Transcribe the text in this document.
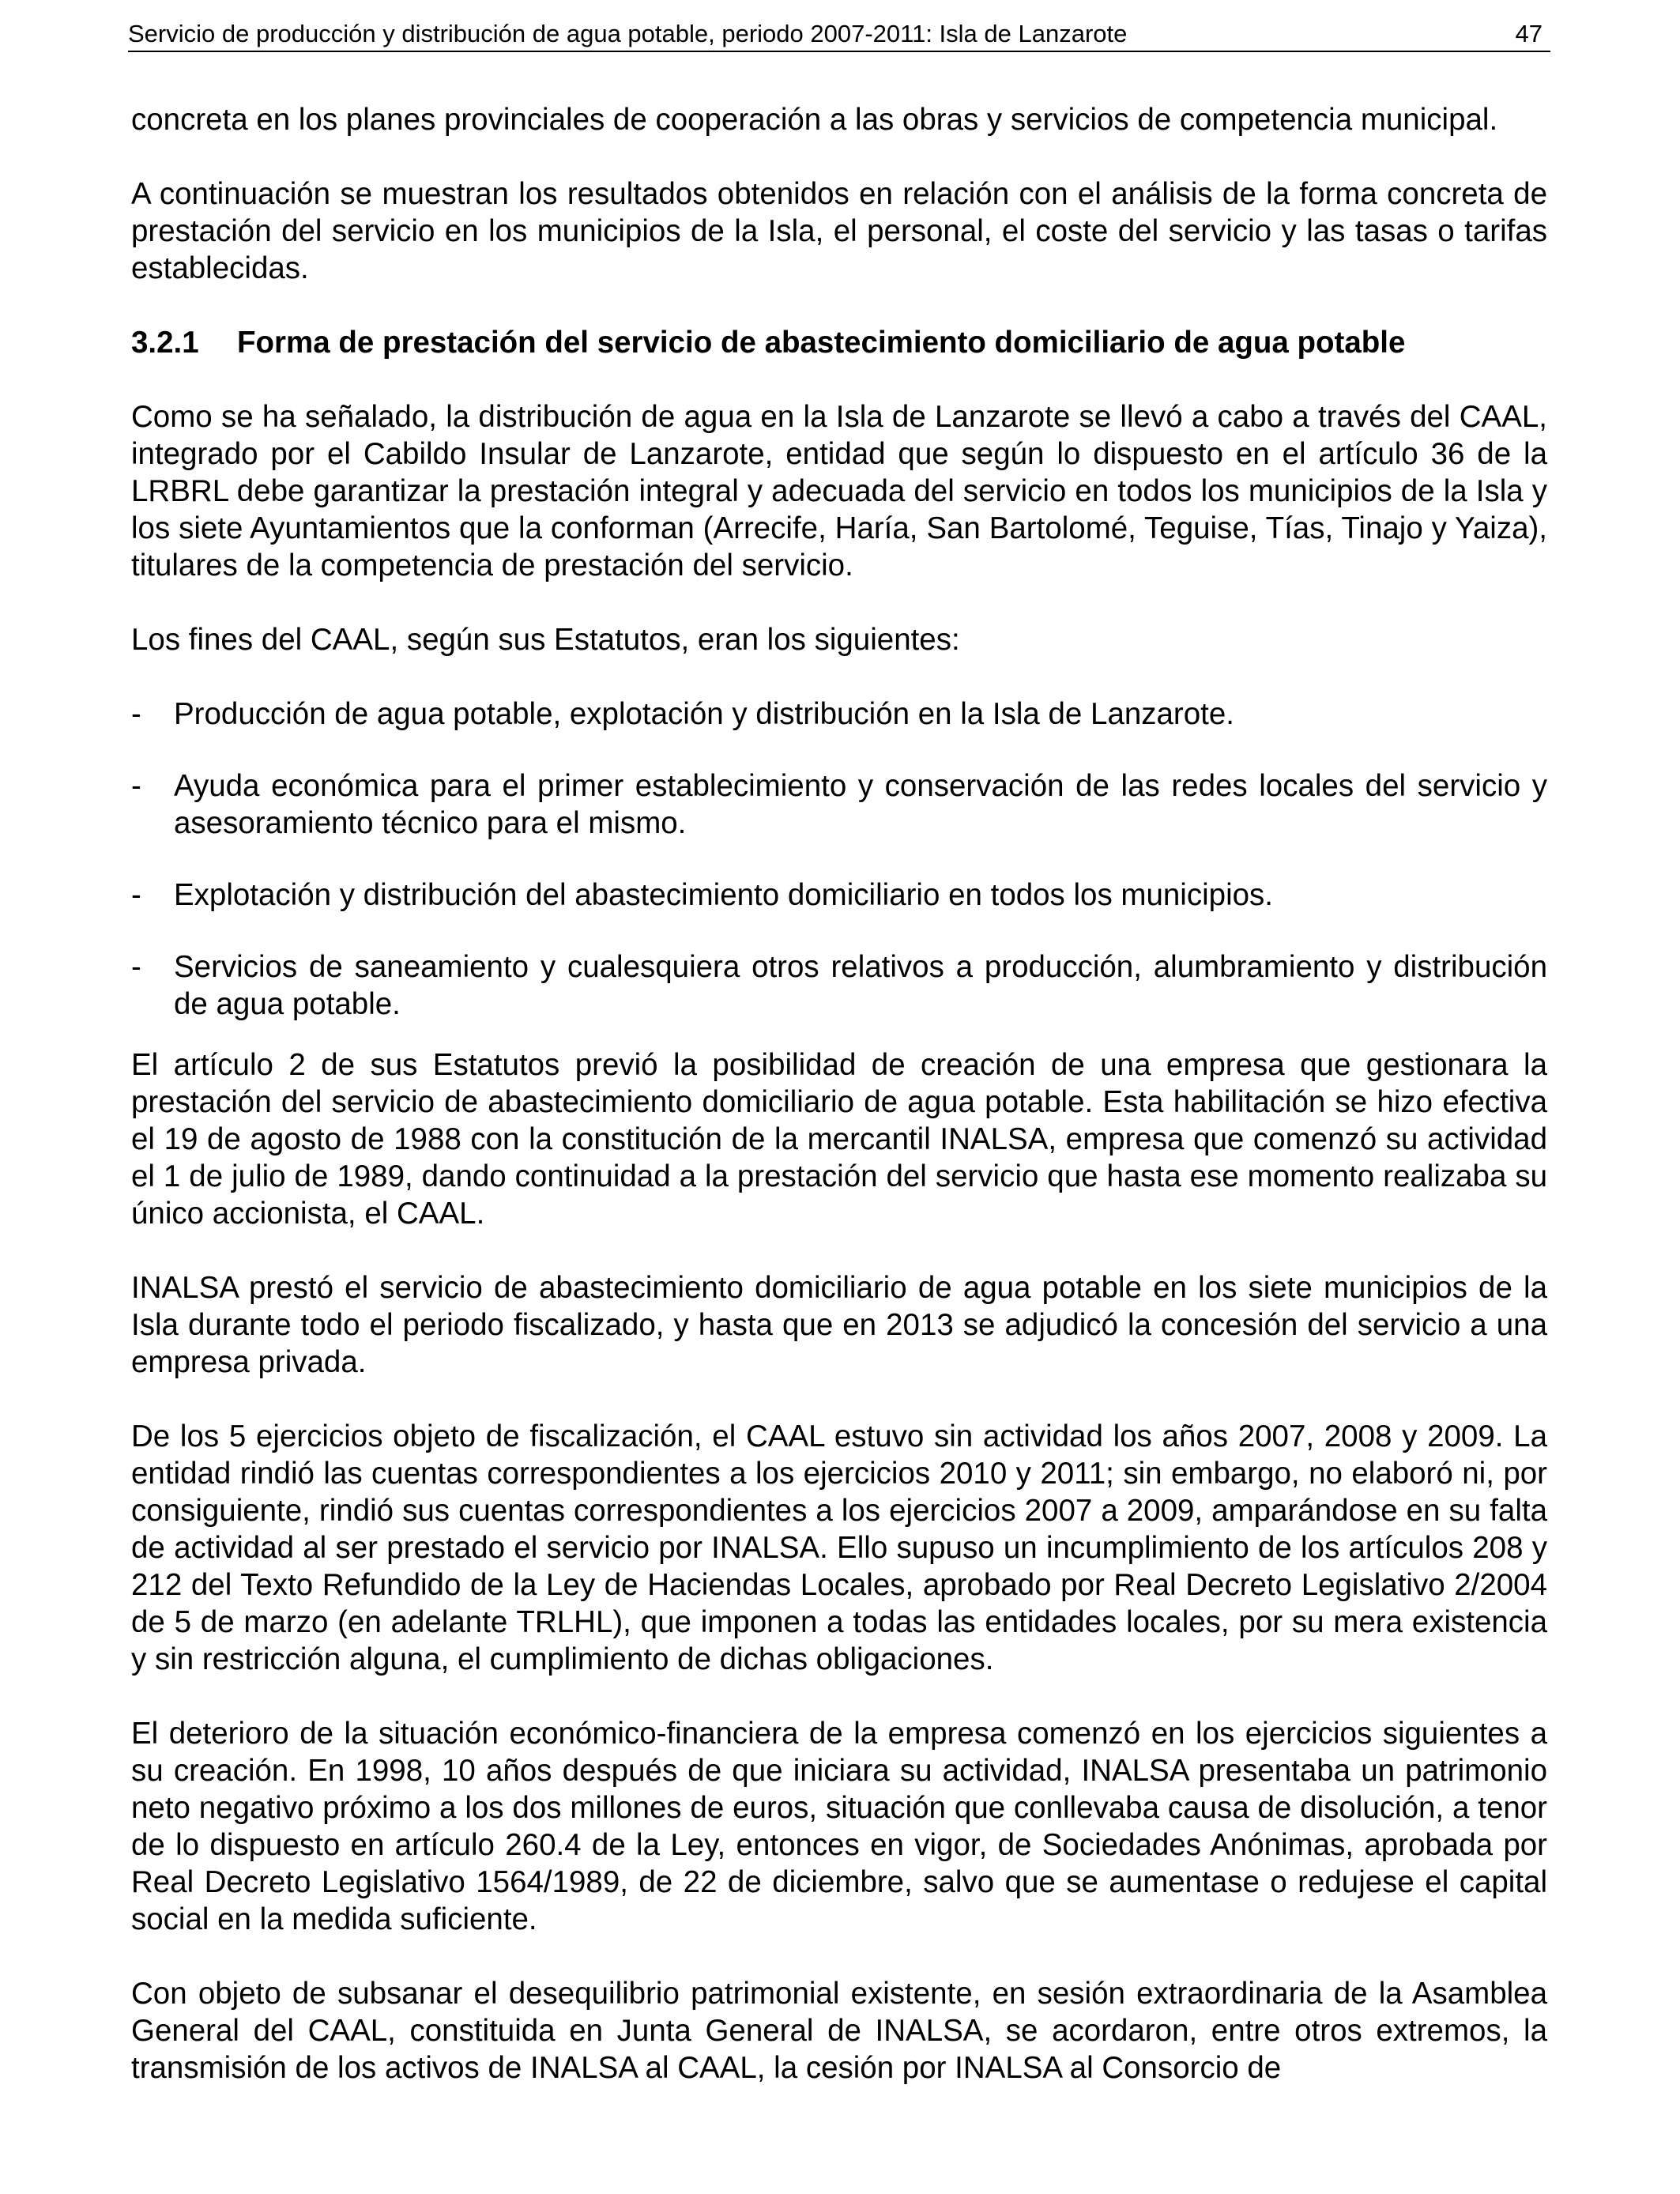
Servicio de producción y distribución de agua potable, periodo 2007-2011: Isla de Lanzarote	47

concreta en los planes provinciales de cooperación a las obras y servicios de competencia municipal.

A continuación se muestran los resultados obtenidos en relación con el análisis de la forma concreta de prestación del servicio en los municipios de la Isla, el personal, el coste del servicio y las tasas o tarifas establecidas.

3.2.1	Forma de prestación del servicio de abastecimiento domiciliario de agua potable

Como se ha señalado, la distribución de agua en la Isla de Lanzarote se llevó a cabo a través del CAAL, integrado por el Cabildo Insular de Lanzarote, entidad que según lo dispuesto en el artículo 36 de la LRBRL debe garantizar la prestación integral y adecuada del servicio en todos los municipios de la Isla y los siete Ayuntamientos que la conforman (Arrecife, Haría, San Bartolomé, Teguise, Tías, Tinajo y Yaiza), titulares de la competencia de prestación del servicio.

Los fines del CAAL, según sus Estatutos, eran los siguientes:

-	Producción de agua potable, explotación y distribución en la Isla de Lanzarote.
-	Ayuda económica para el primer establecimiento y conservación de las redes locales del servicio y asesoramiento técnico para el mismo.
-	Explotación y distribución del abastecimiento domiciliario en todos los municipios.
-	Servicios de saneamiento y cualesquiera otros relativos a producción, alumbramiento y distribución de agua potable.

El artículo 2 de sus Estatutos previó la posibilidad de creación de una empresa que gestionara la prestación del servicio de abastecimiento domiciliario de agua potable. Esta habilitación se hizo efectiva el 19 de agosto de 1988 con la constitución de la mercantil INALSA, empresa que comenzó su actividad el 1 de julio de 1989, dando continuidad a la prestación del servicio que hasta ese momento realizaba su único accionista, el CAAL.

INALSA prestó el servicio de abastecimiento domiciliario de agua potable en los siete municipios de la Isla durante todo el periodo fiscalizado, y hasta que en 2013 se adjudicó la concesión del servicio a una empresa privada.

De los 5 ejercicios objeto de fiscalización, el CAAL estuvo sin actividad los años 2007, 2008 y 2009. La entidad rindió las cuentas correspondientes a los ejercicios 2010 y 2011; sin embargo, no elaboró ni, por consiguiente, rindió sus cuentas correspondientes a los ejercicios 2007 a 2009, amparándose en su falta de actividad al ser prestado el servicio por INALSA. Ello supuso un incumplimiento de los artículos 208 y 212 del Texto Refundido de la Ley de Haciendas Locales, aprobado por Real Decreto Legislativo 2/2004 de 5 de marzo (en adelante TRLHL), que imponen a todas las entidades locales, por su mera existencia y sin restricción alguna, el cumplimiento de dichas obligaciones.

El deterioro de la situación económico-financiera de la empresa comenzó en los ejercicios siguientes a su creación. En 1998, 10 años después de que iniciara su actividad, INALSA presentaba un patrimonio neto negativo próximo a los dos millones de euros, situación que conllevaba causa de disolución, a tenor de lo dispuesto en artículo 260.4 de la Ley, entonces en vigor, de Sociedades Anónimas, aprobada por Real Decreto Legislativo 1564/1989, de 22 de diciembre, salvo que se aumentase o redujese el capital social en la medida suficiente.

Con objeto de subsanar el desequilibrio patrimonial existente, en sesión extraordinaria de la Asamblea General del CAAL, constituida en Junta General de INALSA, se acordaron, entre otros extremos, la transmisión de los activos de INALSA al CAAL, la cesión por INALSA al Consorcio de
